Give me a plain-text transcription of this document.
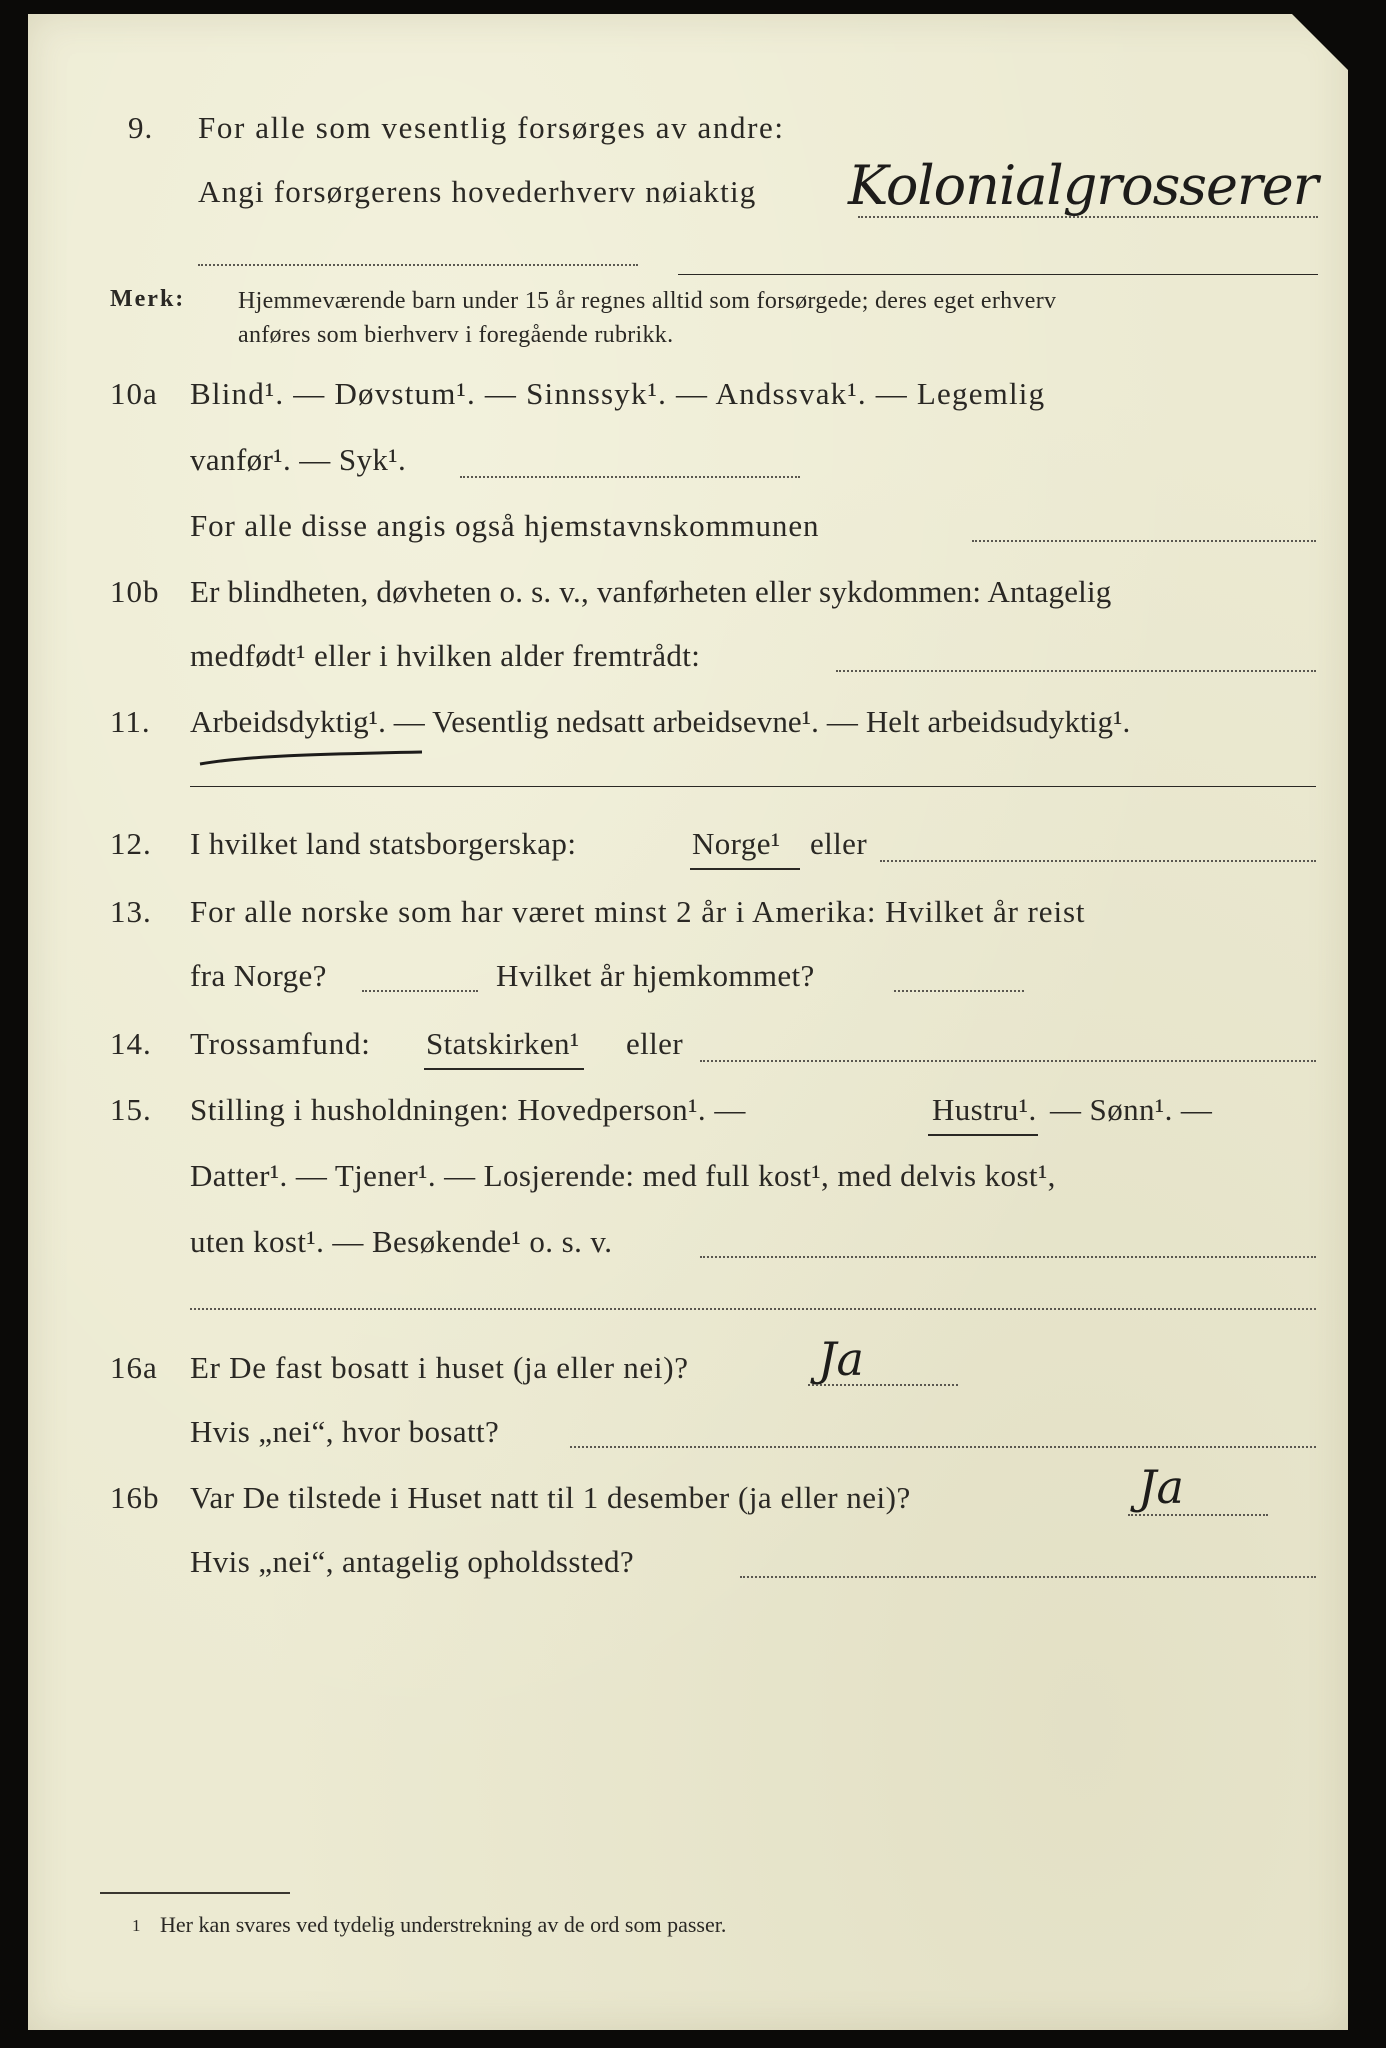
9. For alle som vesentlig forsørges av andre:
Angi forsørgerens hovederhverv nøiaktig Kolonialgrosserer
Merk: Hjemmeværende barn under 15 år regnes alltid som forsørgede; deres eget erhverv
anføres som bierhverv i foregående rubrikk.
10a Blind¹. — Døvstum¹. — Sinnssyk¹. — Andssvak¹. — Legemlig
vanfør¹. — Syk¹.
For alle disse angis også hjemstavnskommunen
10b Er blindheten, døvheten o. s. v., vanførheten eller sykdommen: Antagelig
medfødt¹ eller i hvilken alder fremtrådt:
11. Arbeidsdyktig¹. — Vesentlig nedsatt arbeidsevne¹. — Helt arbeidsudyktig¹.
12. I hvilket land statsborgerskap:	Norge¹ eller
13. For alle norske som har været minst 2 år i Amerika: Hvilket år reist
fra Norge?	Hvilket år hjemkommet?
14. Trossamfund: Statskirken¹ eller
15. Stilling i husholdningen: Hovedperson¹. —	Hustru¹. — Sønn¹. —
Datter¹. — Tjener¹. — Losjerende: med full kost¹, med delvis kost¹,
uten kost¹. — Besøkende¹ o. s. v.
16a Er De fast bosatt i huset (ja eller nei)?	Ja
Hvis „nei“, hvor bosatt?
16b Var De tilstede i Huset natt til 1 desember (ja eller nei)?	Ja
Hvis „nei“, antagelig opholdssted?
1 Her kan svares ved tydelig understrekning av de ord som passer.
